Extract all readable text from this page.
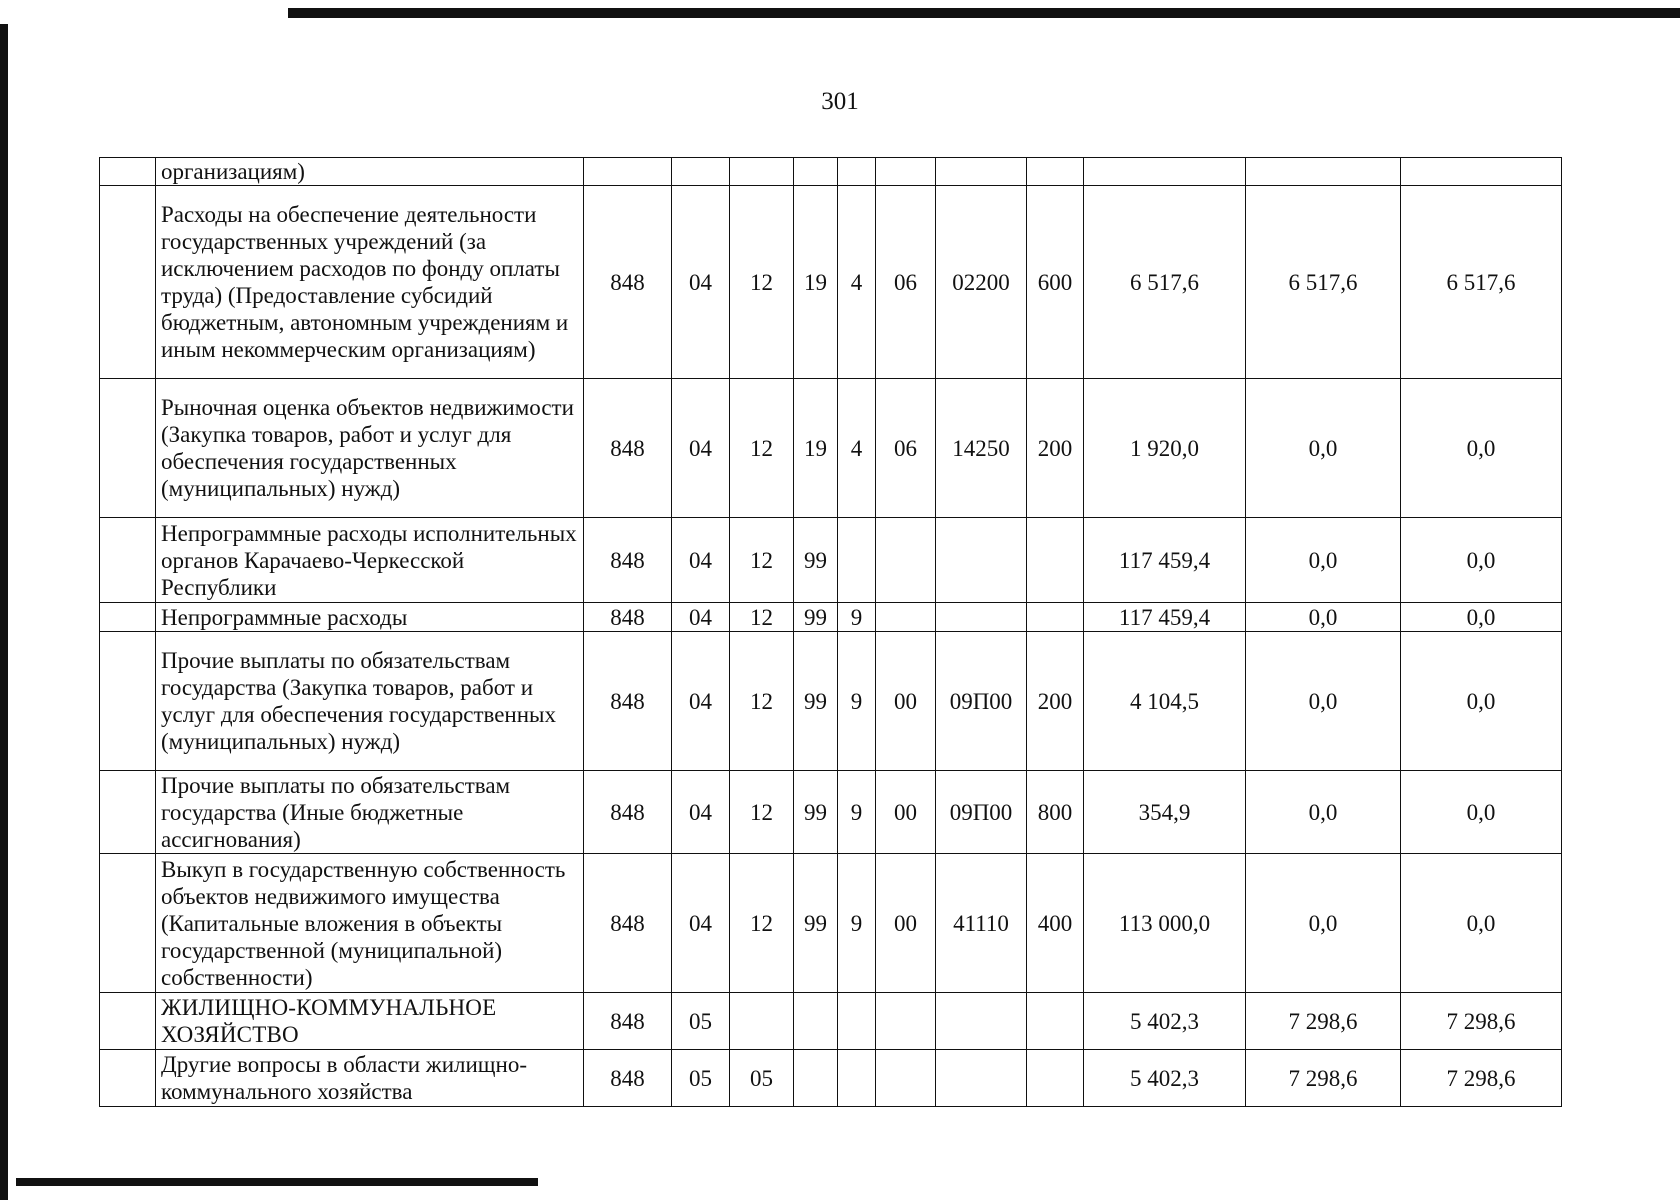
301
	организациям)											
	Расходы на обеспечение деятельности государственных учреждений (за исключением расходов по фонду оплаты труда) (Предоставление субсидий бюджетным, автономным учреждениям и иным некоммерческим организациям)	848	04	12	19	4	06	02200	600	6 517,6	6 517,6	6 517,6
	Рыночная оценка объектов недвижимости (Закупка товаров, работ и услуг для обеспечения государственных (муниципальных) нужд)	848	04	12	19	4	06	14250	200	1 920,0	0,0	0,0
	Непрограммные расходы исполнительных органов Карачаево-Черкесской Республики	848	04	12	99					117 459,4	0,0	0,0
	Непрограммные расходы	848	04	12	99	9				117 459,4	0,0	0,0
	Прочие выплаты по обязательствам государства (Закупка товаров, работ и услуг для обеспечения государственных (муниципальных) нужд)	848	04	12	99	9	00	09П00	200	4 104,5	0,0	0,0
	Прочие выплаты по обязательствам государства (Иные бюджетные ассигнования)	848	04	12	99	9	00	09П00	800	354,9	0,0	0,0
	Выкуп в государственную собственность объектов недвижимого имущества (Капитальные вложения в объекты государственной (муниципальной) собственности)	848	04	12	99	9	00	41110	400	113 000,0	0,0	0,0
	ЖИЛИЩНО-КОММУНАЛЬНОЕ ХОЗЯЙСТВО	848	05							5 402,3	7 298,6	7 298,6
	Другие вопросы в области жилищно-коммунального хозяйства	848	05	05						5 402,3	7 298,6	7 298,6
